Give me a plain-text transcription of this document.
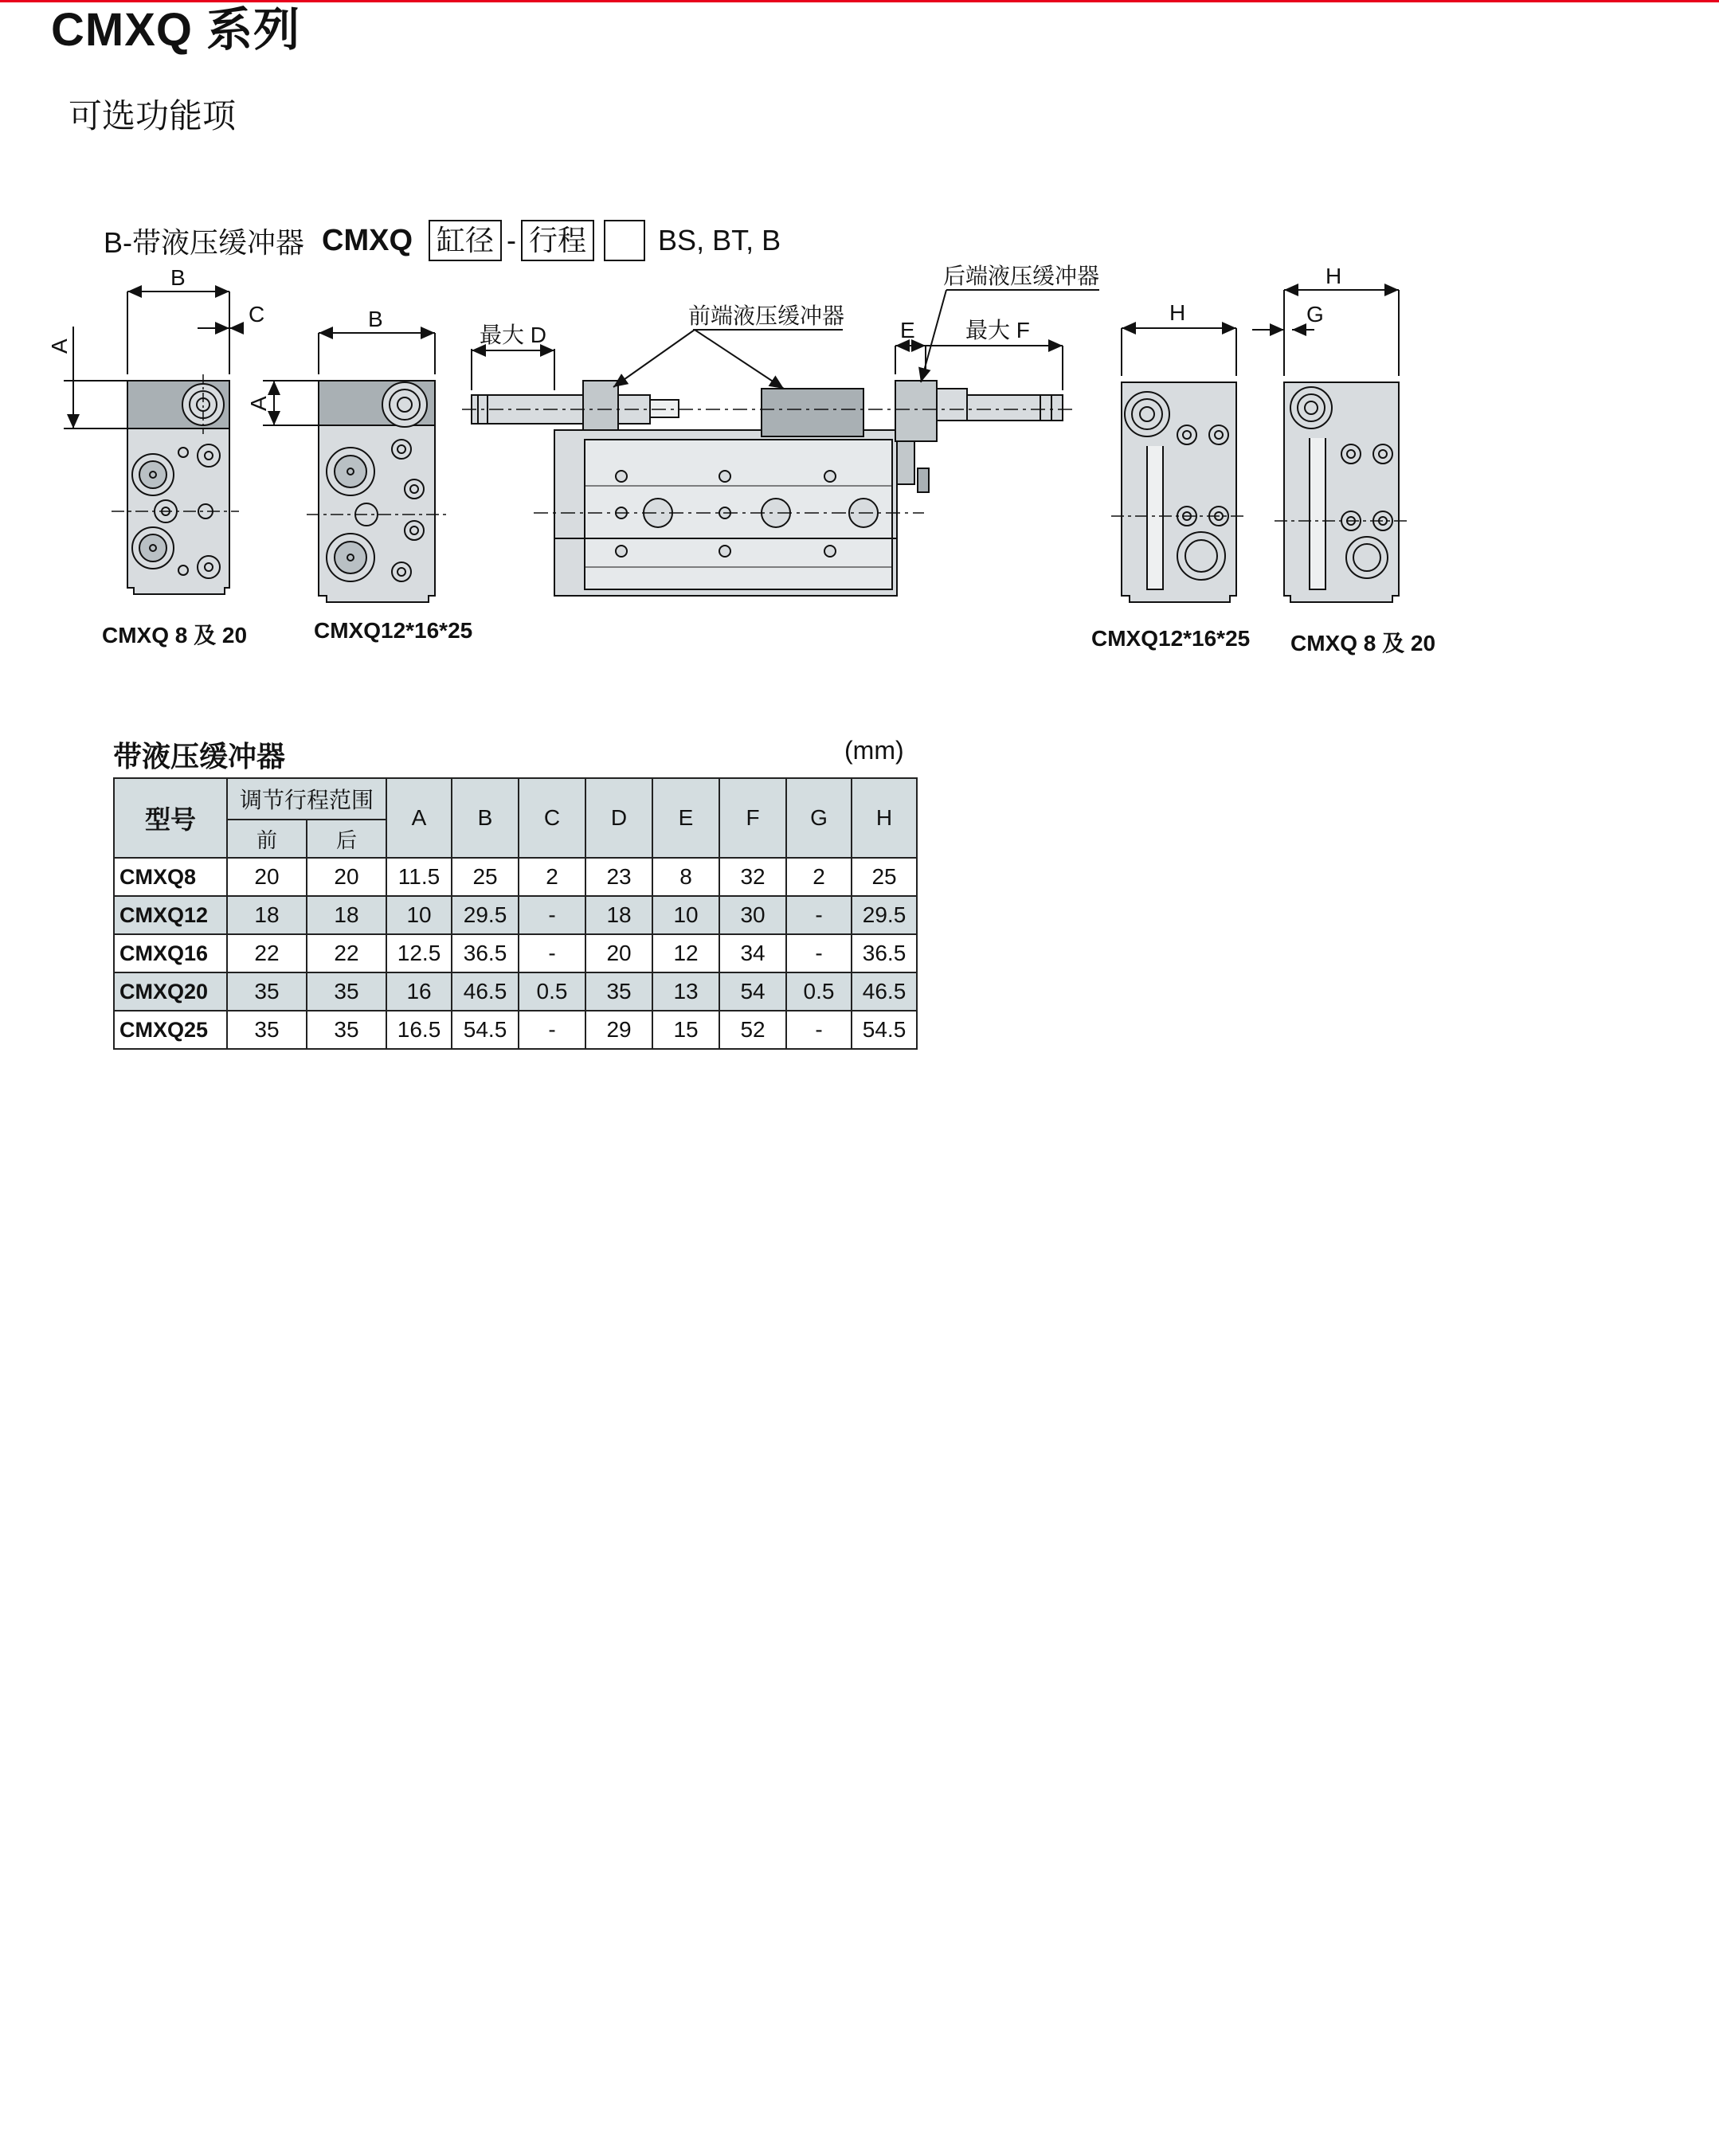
CMXQ 系列
可选功能项
B-带液压缓冲器 CMXQ 缸径 - 行程	BS, BT, B
B
C	B
最大 D	E 最大 F
H	G
H
A
A
前端液压缓冲器
后端液压缓冲器
CMXQ 8 及 20	CMXQ12*16*25	CMXQ12*16*25 CMXQ 8 及 20
带液压缓冲器	(mm)
型号	调节行程范围		A	B	C	D	E	F	G	H
	前	后								
CMXQ8	20	20	11.5	25	2	23	8	32	2	25
CMXQ12	18	18	10	29.5	-	18	10	30	-	29.5
CMXQ16	22	22	12.5	36.5	-	20	12	34	-	36.5
CMXQ20	35	35	16	46.5	0.5	35	13	54	0.5	46.5
CMXQ25	35	35	16.5	54.5	-	29	15	52	-	54.5
